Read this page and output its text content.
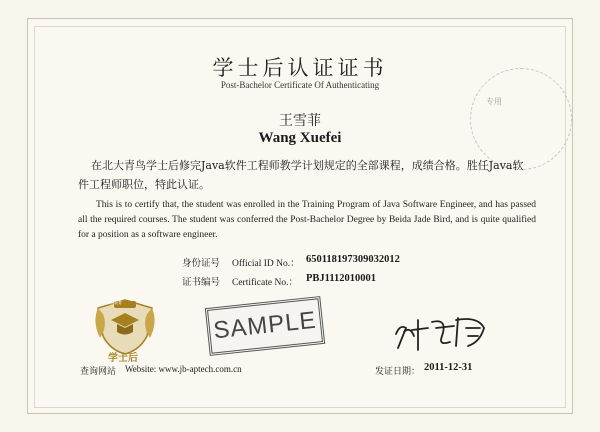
专用
学士后认证证书
Post-Bachelor Certificate Of Authenticating
王雪菲
Wang Xuefei
在北大青鸟学士后修完Java软件工程师教学计划规定的全部课程，成绩合格。胜任Java软件工程师职位，特此认证。
This is to certify that, the student was enrolled in the Training Program of Java Software Engineer, and has passed all the required courses. The student was conferred the Post-Bachelor Degree by Beida Jade Bird, and is quite qualified for a position as a software engineer.
身份证号 Official ID No.： 650118197309032012
证书编号 Certificate No.： PBJ1112010001
中国教育
学士后
SAMPLE
查询网站 Website: www.jb-aptech.com.cn	发证日期： 2011-12-31
